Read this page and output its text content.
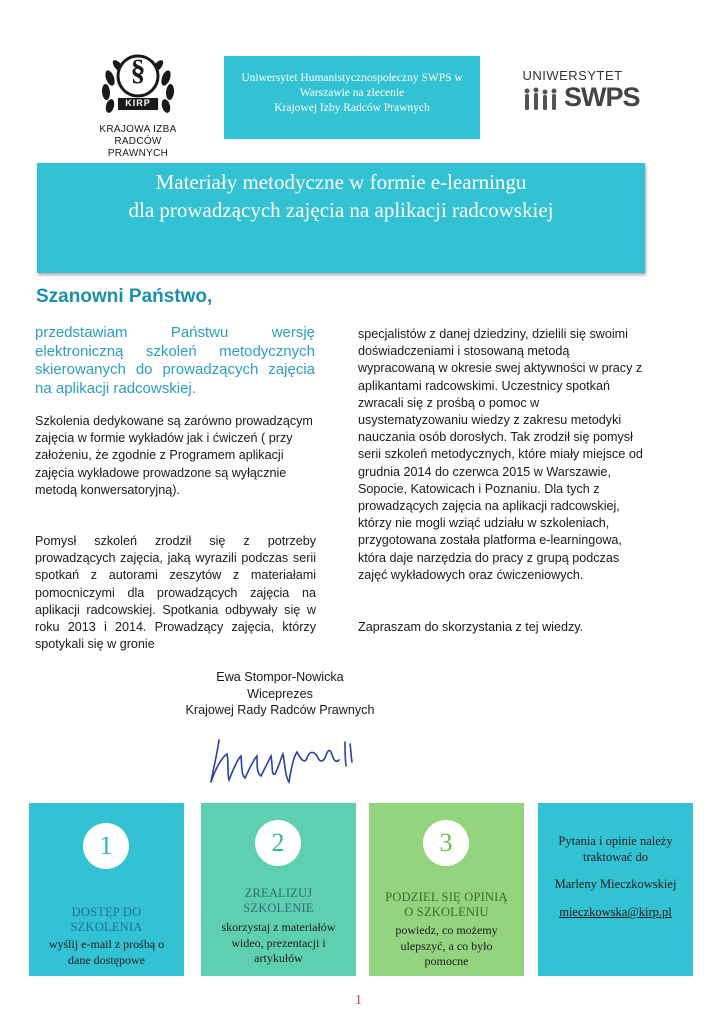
§
KIRP
KRAJOWA IZBA
RADCÓW PRAWNYCH
Uniwersytet Humanistycznospołeczny SWPS w
Warszawie na zlecenie
Krajowej Izby Radców Prawnych
UNIWERSYTET
SWPS
Materiały metodyczne w formie e-learningu
dla prowadzących zajęcia na aplikacji radcowskiej
Szanowni Państwo,
przedstawiam Państwu wersję elektroniczną szkoleń metodycznych skierowanych do prowadzących zajęcia na aplikacji radcowskiej.
Szkolenia dedykowane są zarówno prowadzącym zajęcia w formie wykładów jak i ćwiczeń ( przy założeniu, że zgodnie z Programem aplikacji zajęcia wykładowe prowadzone są wyłącznie metodą konwersatoryjną).
Pomysł szkoleń zrodził się z potrzeby prowadzących zajęcia, jaką wyrazili podczas serii spotkań z autorami zeszytów z materiałami pomocniczymi dla prowadzących zajęcia na aplikacji radcowskiej. Spotkania odbywały się w roku 2013 i 2014. Prowadzący zajęcia, którzy spotykali się w gronie
specjalistów z danej dziedziny, dzielili się swoimi doświadczeniami i stosowaną metodą wypracowaną w okresie swej aktywności w pracy z aplikantami radcowskimi. Uczestnicy spotkań zwracali się z prośbą o pomoc w usystematyzowaniu wiedzy z zakresu metodyki nauczania osób dorosłych. Tak zrodził się pomysł serii szkoleń metodycznych, które miały miejsce od grudnia 2014 do czerwca 2015 w Warszawie, Sopocie, Katowicach i Poznaniu. Dla tych z prowadzących zajęcia na aplikacji radcowskiej, którzy nie mogli wziąć udziału w szkoleniach, przygotowana została platforma e-learningowa, która daje narzędzia do pracy z grupą podczas zajęć wykładowych oraz ćwiczeniowych.
Zapraszam do skorzystania z tej wiedzy.
Ewa Stompor-Nowicka
Wiceprezes
Krajowej Rady Radców Prawnych
1
DOSTĘP DO
SZKOLENIA
wyślij e-mail z prośbą o
dane dostępowe
2
ZREALIZUJ
SZKOLENIE
skorzystaj z materiałów
wideo, prezentacji i
artykułów
3
PODZIEL SIĘ OPINIĄ
O SZKOLENIU
powiedz, co możemy
ulepszyć, a co było
pomocne
Pytania i opinie należy
traktować do
Marleny Mieczkowskiej
mieczkowska@kirp.pl
1
